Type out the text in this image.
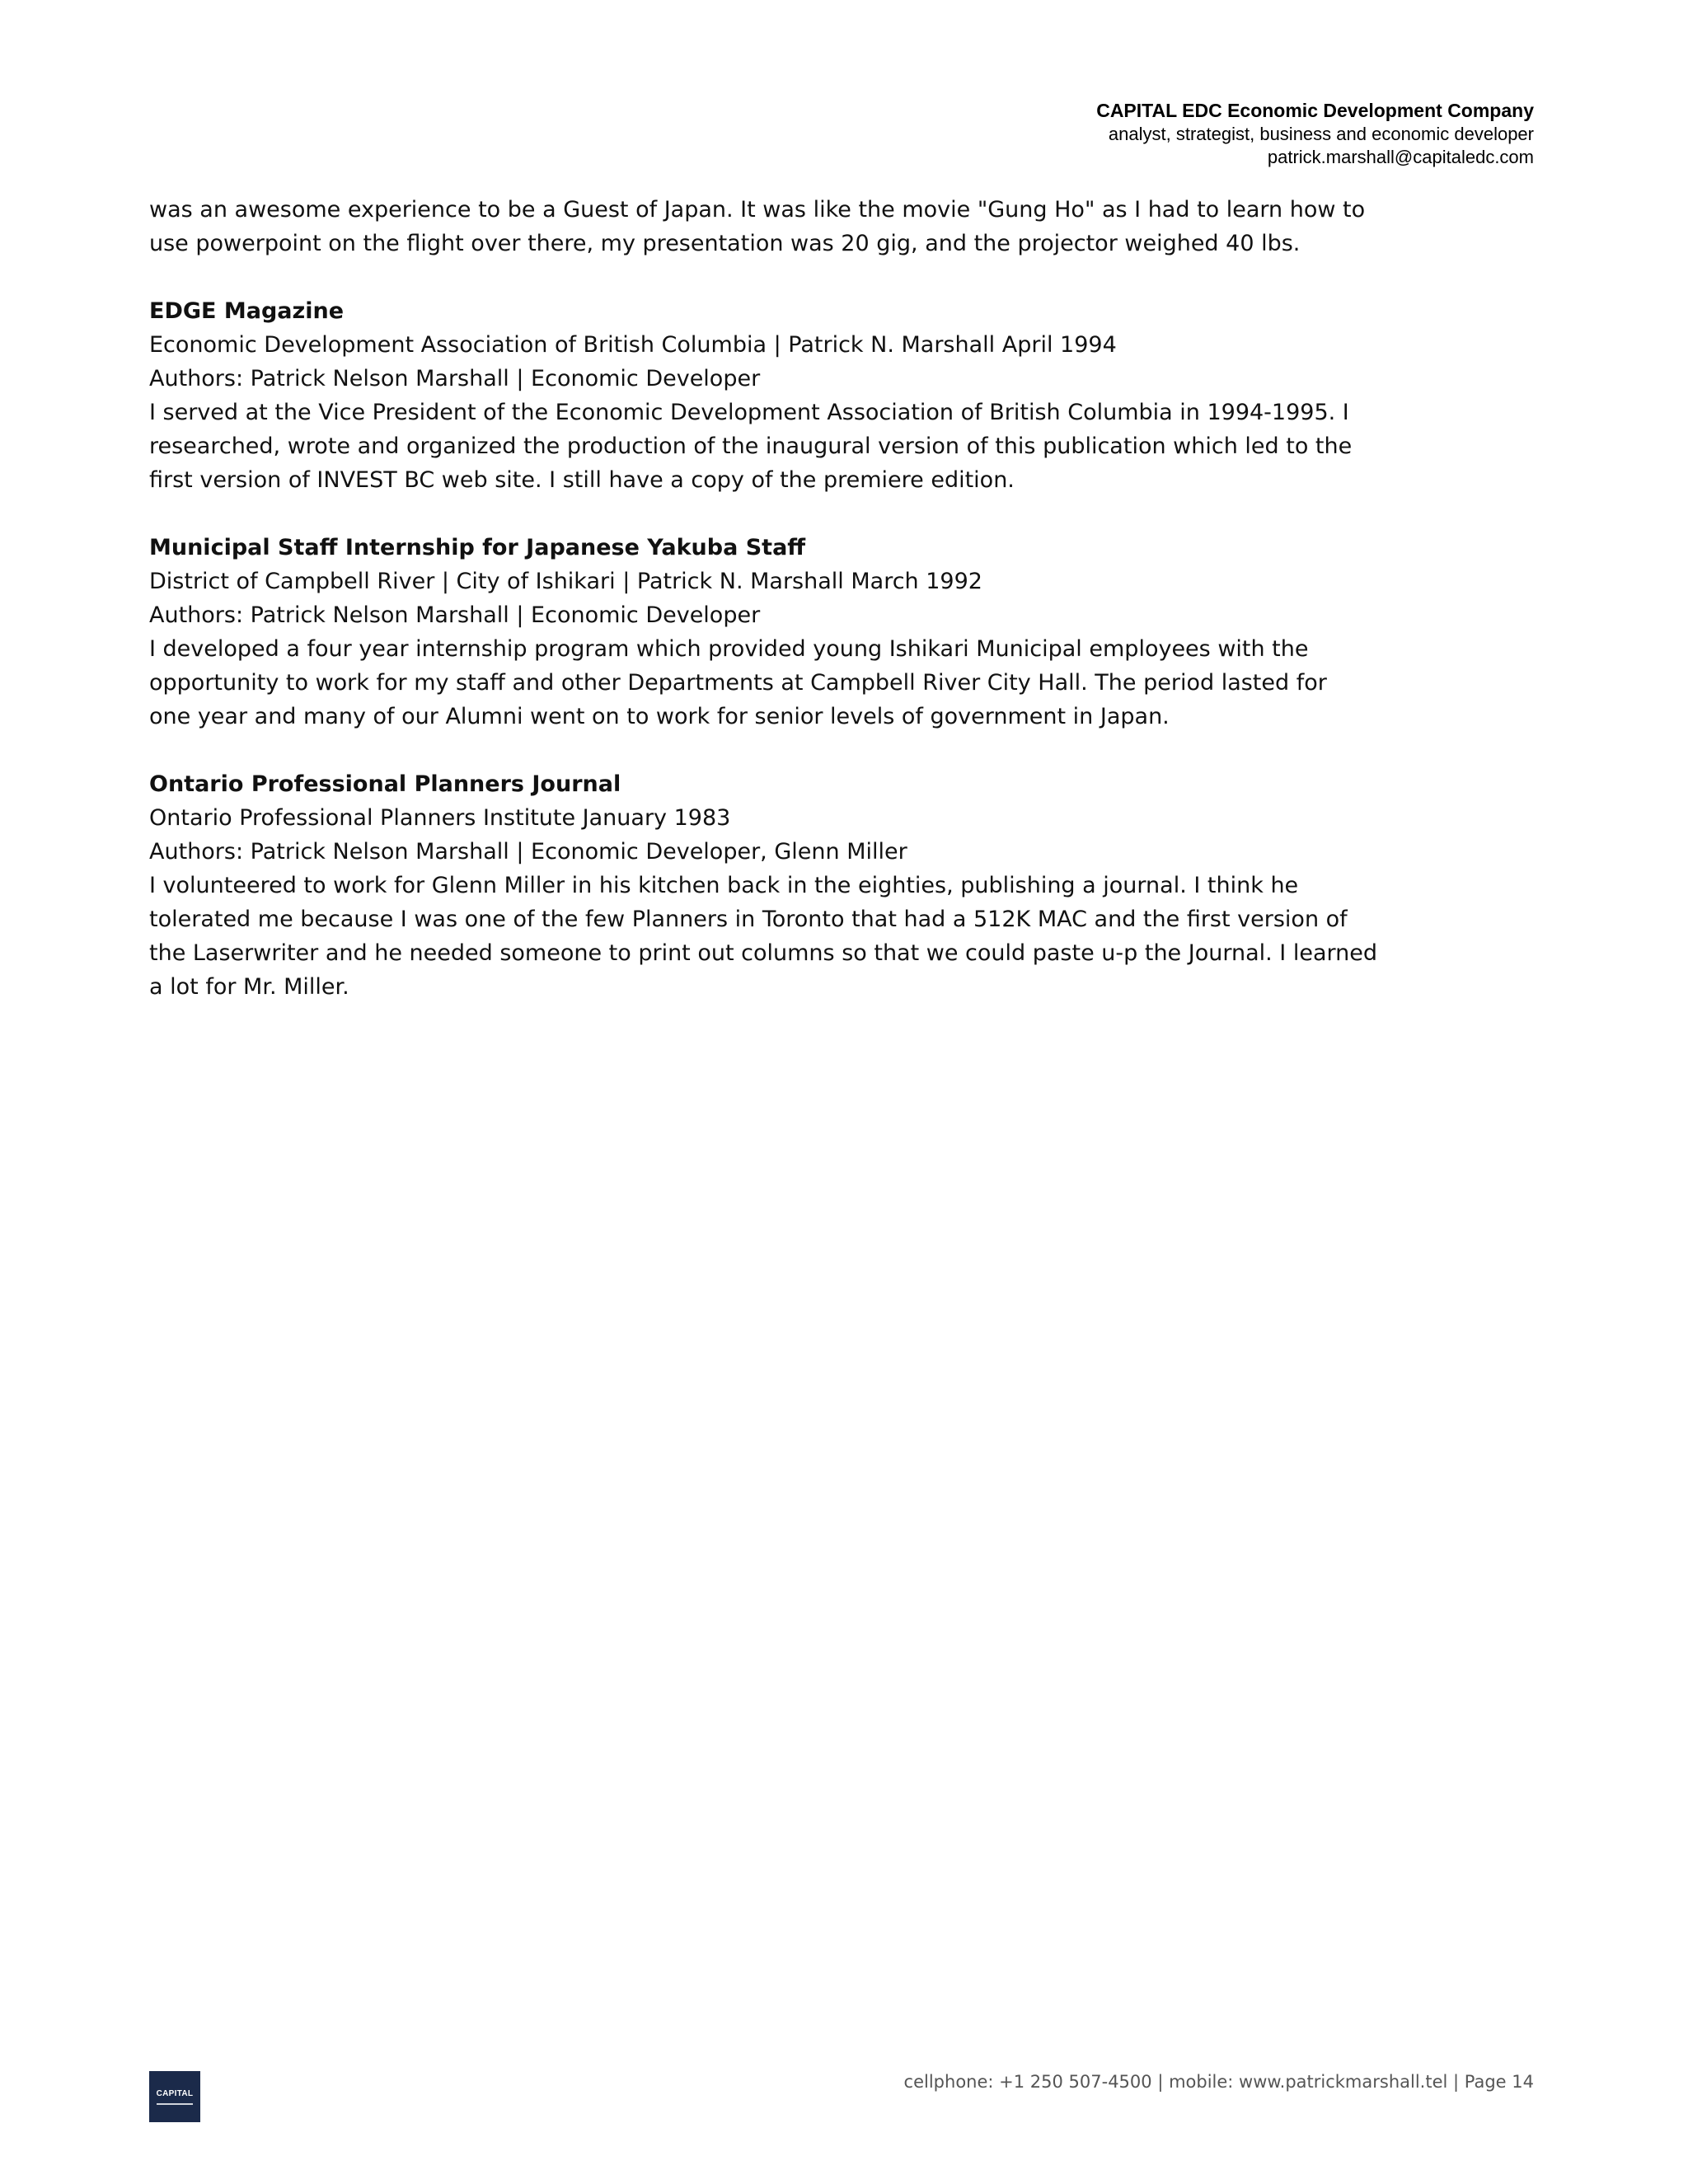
CAPITAL EDC Economic Development Company
analyst, strategist, business and economic developer
patrick.marshall@capitaledc.com

was an awesome experience to be a Guest of Japan. It was like the movie "Gung Ho" as I had to learn how to

use powerpoint on the flight over there, my presentation was 20 gig, and the projector weighed 40 lbs.

EDGE Magazine

Economic Development Association of British Columbia | Patrick N. Marshall April 1994

Authors: Patrick Nelson Marshall | Economic Developer

I served at the Vice President of the Economic Development Association of British Columbia in 1994-1995. I

researched, wrote and organized the production of the inaugural version of this publication which led to the

first version of INVEST BC web site. I still have a copy of the premiere edition.

Municipal Staff Internship for Japanese Yakuba Staff

District of Campbell River | City of Ishikari | Patrick N. Marshall March 1992

Authors: Patrick Nelson Marshall | Economic Developer

I developed a four year internship program which provided young Ishikari Municipal employees with the

opportunity to work for my staff and other Departments at Campbell River City Hall. The period lasted for

one year and many of our Alumni went on to work for senior levels of government in Japan.

Ontario Professional Planners Journal

Ontario Professional Planners Institute January 1983

Authors: Patrick Nelson Marshall | Economic Developer, Glenn Miller

I volunteered to work for Glenn Miller in his kitchen back in the eighties, publishing a journal. I think he

tolerated me because I was one of the few Planners in Toronto that had a 512K MAC and the first version of

the Laserwriter and he needed someone to print out columns so that we could paste u-p the Journal. I learned

a lot for Mr. Miller.

CAPITAL
cellphone: +1 250 507-4500 | mobile: www.patrickmarshall.tel | Page 14
